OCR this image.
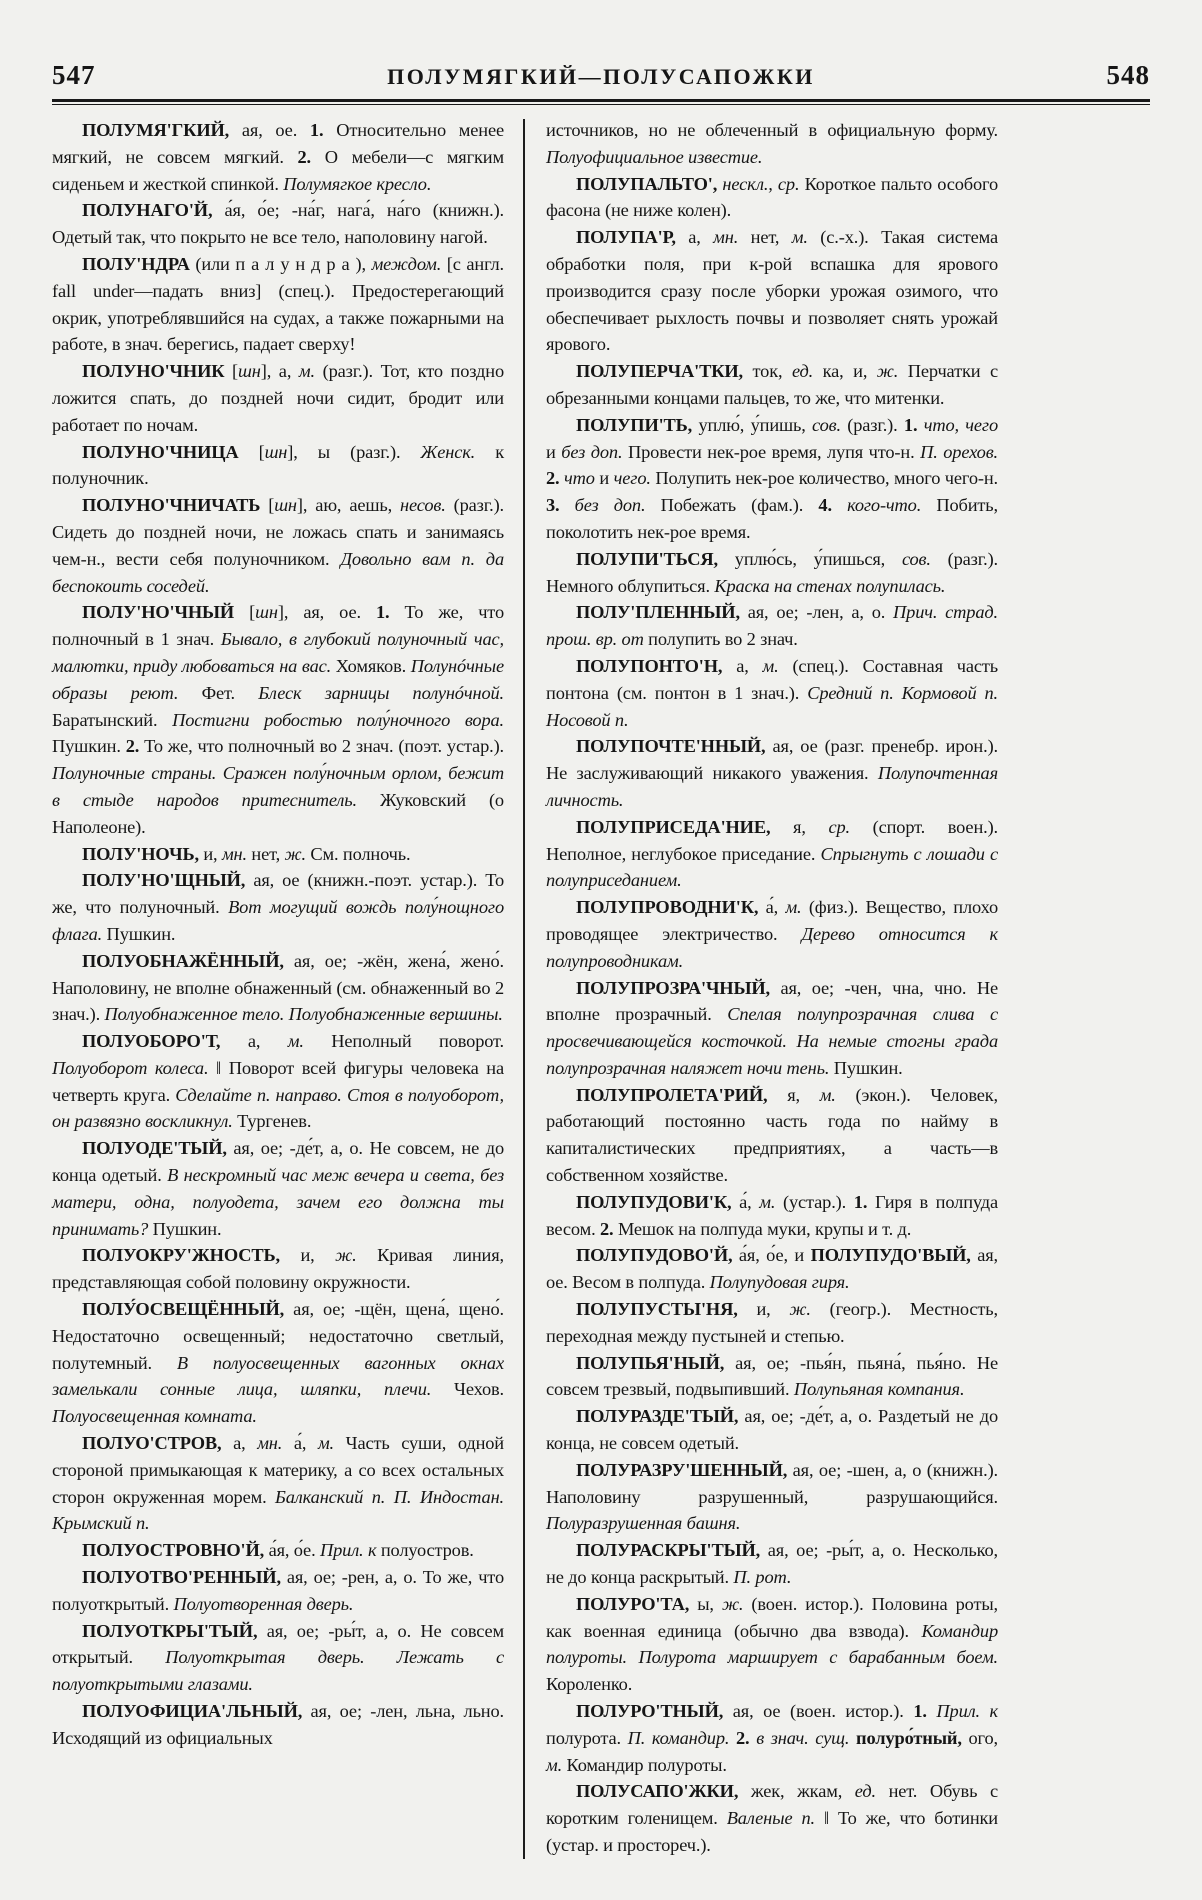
547	ПОЛУМЯГКИЙ—ПОЛУСАПОЖКИ	548

ПОЛУМЯ'ГКИЙ, ая, ое. 1. Относительно менее мягкий, не совсем мягкий. 2. О мебели—с мягким сиденьем и жесткой спинкой. Полумягкое кресло.

ПОЛУНАГО'Й, а́я, о́е; -на́г, нага́, на́го (книжн.). Одетый так, что покрыто не все тело, наполовину нагой.

ПОЛУ'НДРА (или палундра), междом. [с англ. fall under—падать вниз] (спец.). Предостерегающий окрик, употреблявшийся на судах, а также пожарными на работе, в знач. берегись, падает сверху!

ПОЛУНО'ЧНИК [шн], а, м. (разг.). Тот, кто поздно ложится спать, до поздней ночи сидит, бродит или работает по ночам.

ПОЛУНО'ЧНИЦА [шн], ы (разг.). Женск. к полуночник.

ПОЛУНО'ЧНИЧАТЬ [шн], аю, аешь, несов. (разг.). Сидеть до поздней ночи, не ложась спать и занимаясь чем-н., вести себя полуночником. Довольно вам п. да беспокоить соседей.

ПОЛУ'НО'ЧНЫЙ [шн], ая, ое. 1. То же, что полночный в 1 знач. Бывало, в глубокий полуночный час, малютки, приду любоваться на вас. Хомяков. Полунóчные образы реют. Фет. Блеск зарницы полунóчной. Баратынский. Постигни робостью полу́ночного вора. Пушкин. 2. То же, что полночный во 2 знач. (поэт. устар.). Полуночные страны. Сражен полу́ночным орлом, бежит в стыде народов притеснитель. Жуковский (о Наполеоне).

ПОЛУ'НОЧЬ, и, мн. нет, ж. См. полночь.

ПОЛУ'НО'ЩНЫЙ, ая, ое (книжн.-поэт. устар.). То же, что полуночный. Вот могущий вождь полу́нощного флага. Пушкин.

ПОЛУОБНАЖЁННЫЙ, ая, ое; -жён, жена́, жено́. Наполовину, не вполне обнаженный (см. обнаженный во 2 знач.). Полуобнаженное тело. Полуобнаженные вершины.

ПОЛУОБОРО'Т, а, м. Неполный поворот. Полуоборот колеса. ‖ Поворот всей фигуры человека на четверть круга. Сделайте п. направо. Стоя в полуоборот, он развязно воскликнул. Тургенев.

ПОЛУОДЕ'ТЫЙ, ая, ое; -де́т, а, о. Не совсем, не до конца одетый. В нескромный час меж вечера и света, без матери, одна, полуодета, зачем его должна ты принимать? Пушкин.

ПОЛУОКРУ'ЖНОСТЬ, и, ж. Кривая линия, представляющая собой половину окружности.

ПОЛУ́ОСВЕЩЁННЫЙ, ая, ое; -щён, щена́, щено́. Недостаточно освещенный; недостаточно светлый, полутемный. В полуосвещенных вагонных окнах замелькали сонные лица, шляпки, плечи. Чехов. Полуосвещенная комната.

ПОЛУО'СТРОВ, а, мн. а́, м. Часть суши, одной стороной примыкающая к материку, а со всех остальных сторон окруженная морем. Балканский п. П. Индостан. Крымский п.

ПОЛУОСТРОВНО'Й, а́я, о́е. Прил. к полуостров.

ПОЛУОТВО'РЕННЫЙ, ая, ое; -рен, а, о. То же, что полуоткрытый. Полуотворенная дверь.

ПОЛУОТКРЫ'ТЫЙ, ая, ое; -ры́т, а, о. Не совсем открытый. Полуоткрытая дверь. Лежать с полуоткрытыми глазами.

ПОЛУОФИЦИА'ЛЬНЫЙ, ая, ое; -лен, льна, льно. Исходящий из официальных

источников, но не облеченный в официальную форму. Полуофициальное известие.

ПОЛУПАЛЬТО', нескл., ср. Короткое пальто особого фасона (не ниже колен).

ПОЛУПА'Р, а, мн. нет, м. (с.-х.). Такая система обработки поля, при к-рой вспашка для ярового производится сразу после уборки урожая озимого, что обеспечивает рыхлость почвы и позволяет снять урожай ярового.

ПОЛУПЕРЧА'ТКИ, ток, ед. ка, и, ж. Перчатки с обрезанными концами пальцев, то же, что митенки.

ПОЛУПИ'ТЬ, уплю́, у́пишь, сов. (разг.). 1. что, чего и без доп. Провести нек-рое время, лупя что-н. П. орехов. 2. что и чего. Полупить нек-рое количество, много чего-н. 3. без доп. Побежать (фам.). 4. кого-что. Побить, поколотить нек-рое время.

ПОЛУПИ'ТЬСЯ, уплю́сь, у́пишься, сов. (разг.). Немного облупиться. Краска на стенах полупилась.

ПОЛУ'ПЛЕННЫЙ, ая, ое; -лен, а, о. Прич. страд. прош. вр. от полупить во 2 знач.

ПОЛУПОНТО'Н, а, м. (спец.). Составная часть понтона (см. понтон в 1 знач.). Средний п. Кормовой п. Носовой п.

ПОЛУПОЧТЕ'ННЫЙ, ая, ое (разг. пренебр. ирон.). Не заслуживающий никакого уважения. Полупочтенная личность.

ПОЛУПРИСЕДА'НИЕ, я, ср. (спорт. воен.). Неполное, неглубокое приседание. Спрыгнуть с лошади с полуприседанием.

ПОЛУПРОВОДНИ'К, а́, м. (физ.). Вещество, плохо проводящее электричество. Дерево относится к полупроводникам.

ПОЛУПРОЗРА'ЧНЫЙ, ая, ое; -чен, чна, чно. Не вполне прозрачный. Спелая полупрозрачная слива с просвечивающейся косточкой. На немые стогны града полупрозрачная наляжет ночи тень. Пушкин.

ПОЛУПРОЛЕТА'РИЙ, я, м. (экон.). Человек, работающий постоянно часть года по найму в капиталистических предприятиях, а часть—в собственном хозяйстве.

ПОЛУПУДОВИ'К, а́, м. (устар.). 1. Гиря в полпуда весом. 2. Мешок на полпуда муки, крупы и т. д.

ПОЛУПУДОВО'Й, а́я, о́е, и ПОЛУПУДО'ВЫЙ, ая, ое. Весом в полпуда. Полупудовая гиря.

ПОЛУПУСТЫ'НЯ, и, ж. (геогр.). Местность, переходная между пустыней и степью.

ПОЛУПЬЯ'НЫЙ, ая, ое; -пья́н, пьяна́, пья́но. Не совсем трезвый, подвыпивший. Полупьяная компания.

ПОЛУРАЗДЕ'ТЫЙ, ая, ое; -де́т, а, о. Раздетый не до конца, не совсем одетый.

ПОЛУРАЗРУ'ШЕННЫЙ, ая, ое; -шен, а, о (книжн.). Наполовину разрушенный, разрушающийся. Полуразрушенная башня.

ПОЛУРАСКРЫ'ТЫЙ, ая, ое; -ры́т, а, о. Несколько, не до конца раскрытый. П. рот.

ПОЛУРО'ТА, ы, ж. (воен. истор.). Половина роты, как военная единица (обычно два взвода). Командир полуроты. Полурота марширует с барабанным боем. Короленко.

ПОЛУРО'ТНЫЙ, ая, ое (воен. истор.). 1. Прил. к полурота. П. командир. 2. в знач. сущ. полуро́тный, ого, м. Командир полуроты.

ПОЛУСАПО'ЖКИ, жек, жкам, ед. нет. Обувь с коротким голенищем. Валеные п. ‖ То же, что ботинки (устар. и простореч.).
